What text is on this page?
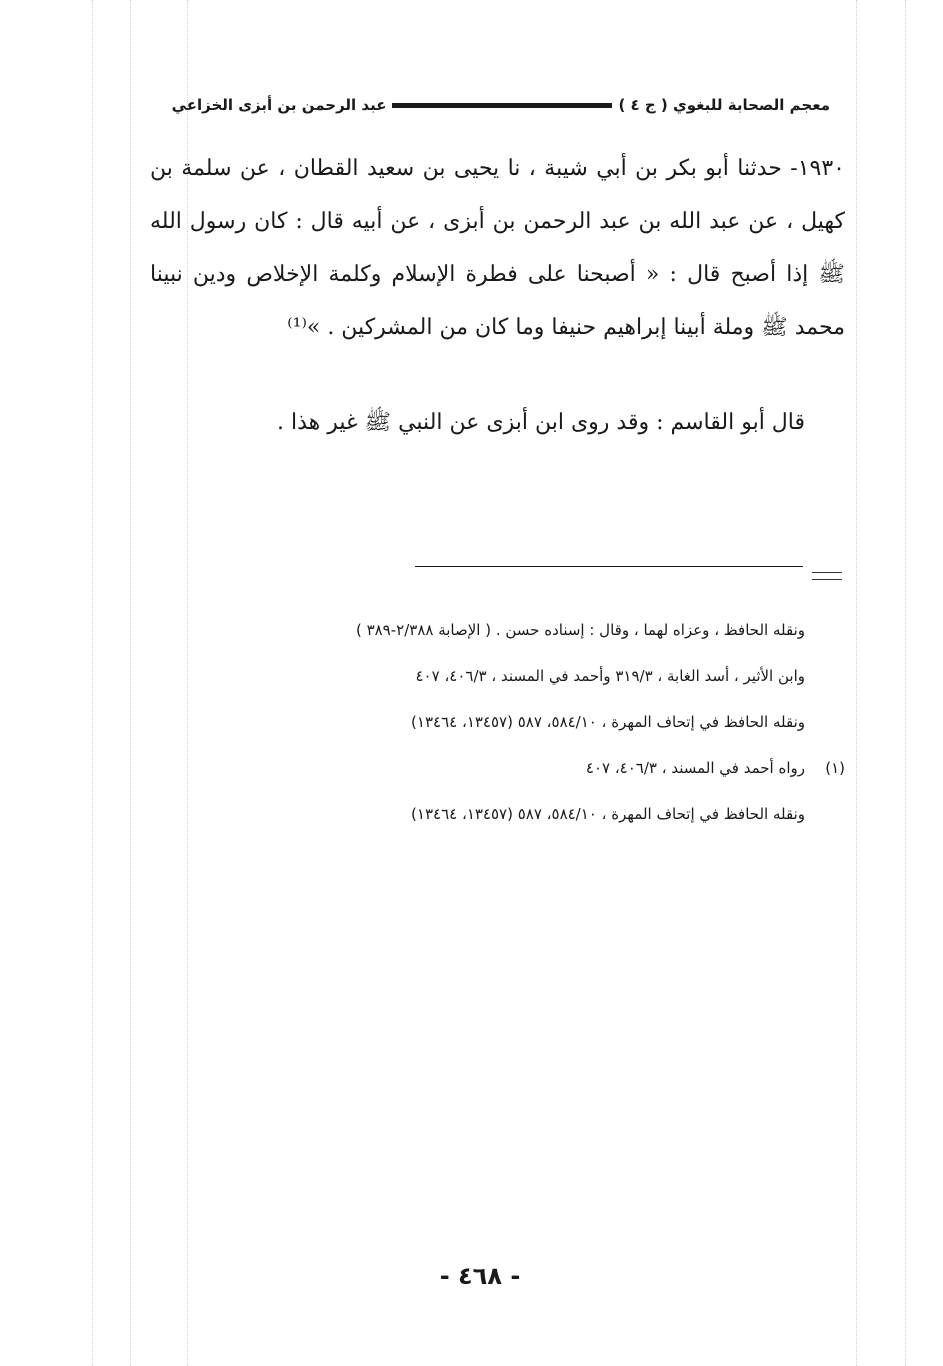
معجم الصحابة للبغوي ( ج ٤ )
عبد الرحمن بن أبزى الخزاعي

١٩٣٠- حدثنا أبو بكر بن أبي شيبة ، نا يحيى بن سعيد القطان ، عن سلمة بن كهيل ، عن عبد الله بن عبد الرحمن بن أبزى ، عن أبيه قال : كان رسول الله ﷺ إذا أصبح قال : « أصبحنا على فطرة الإسلام وكلمة الإخلاص ودين نبينا محمد ﷺ وملة أبينا إبراهيم حنيفا وما كان من المشركين . »⁽¹⁾

قال أبو القاسم : وقد روى ابن أبزى عن النبي ﷺ غير هذا .
ونقله الحافظ ، وعزاه لهما ، وقال : إسناده حسن . ( الإصابة ٢/٣٨٨-٣٨٩ )
وابن الأثير ، أسد الغابة ، ٣١٩/٣ وأحمد في المسند ، ٤٠٦/٣، ٤٠٧
ونقله الحافظ في إتحاف المهرة ، ٥٨٤/١٠، ٥٨٧ (١٣٤٥٧، ١٣٤٦٤)
(١)
رواه أحمد في المسند ، ٤٠٦/٣، ٤٠٧
ونقله الحافظ في إتحاف المهرة ، ٥٨٤/١٠، ٥٨٧ (١٣٤٥٧، ١٣٤٦٤)
- ٤٦٨ -
